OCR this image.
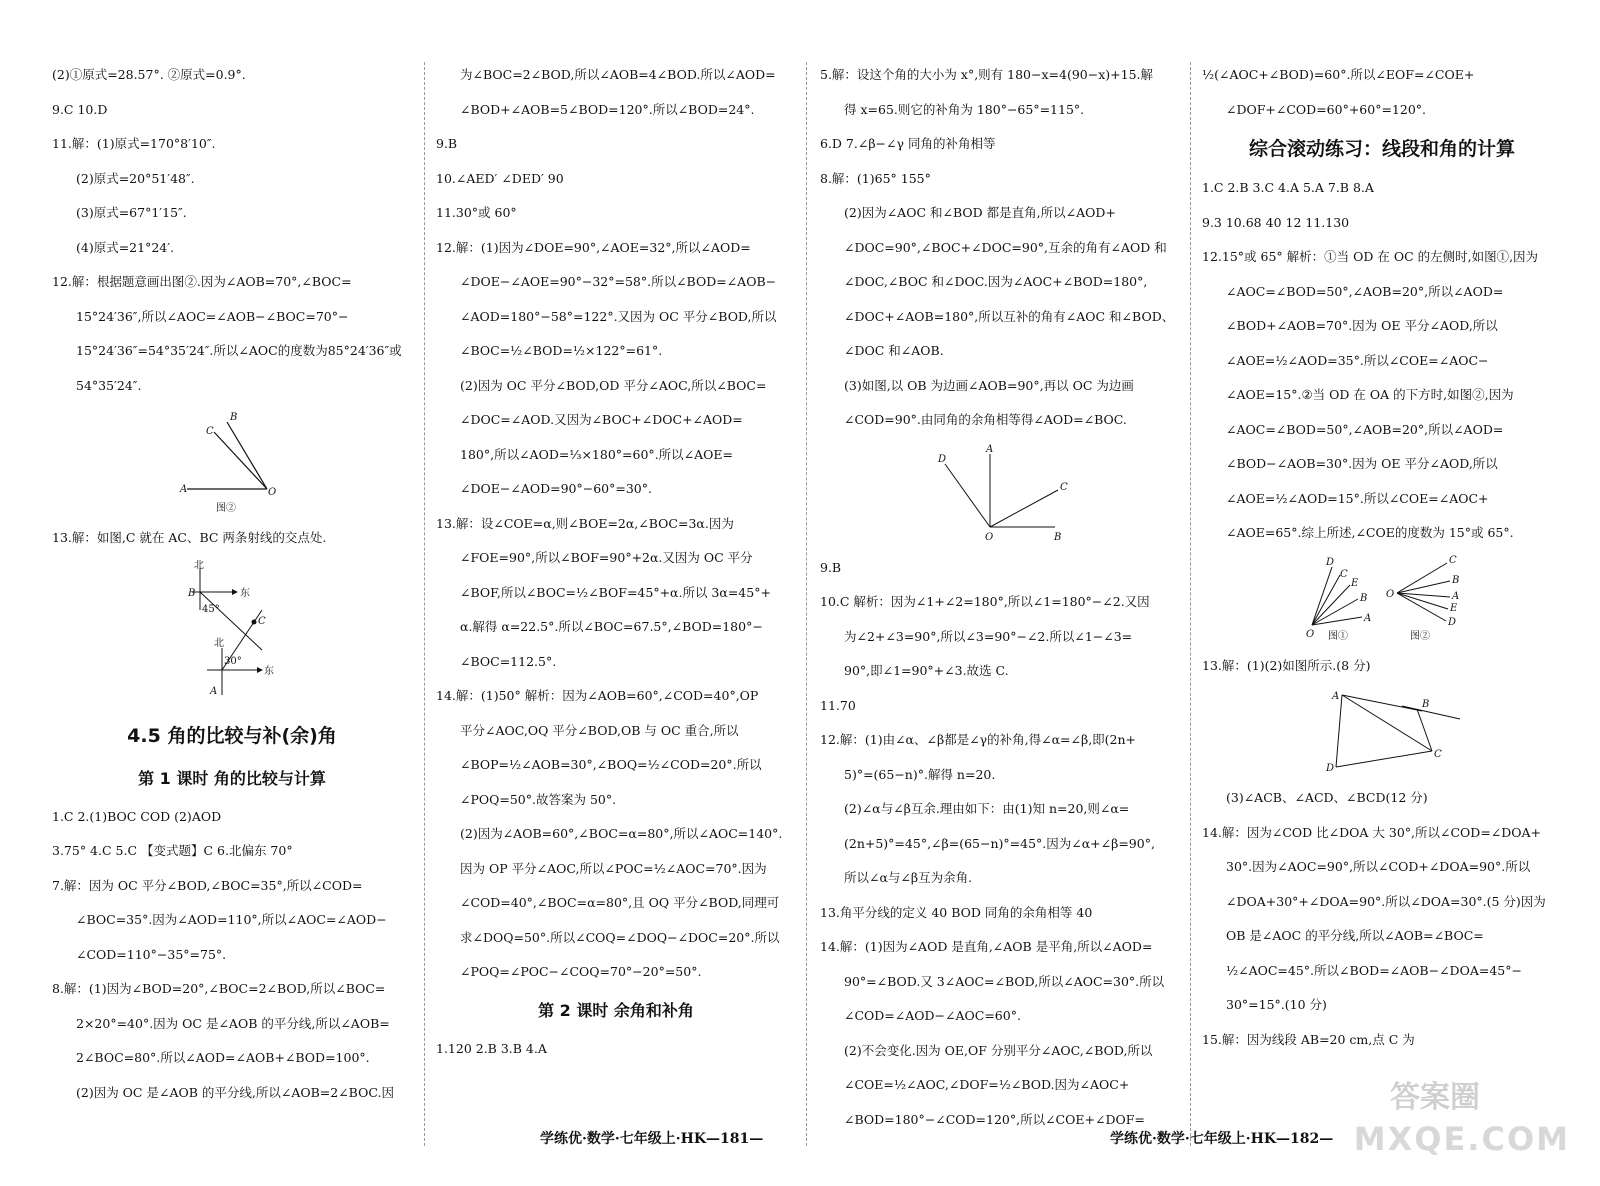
(2)①原式=28.57°. ②原式=0.9°.

9.C 10.D

11.解：(1)原式=170°8′10″.

(2)原式=20°51′48″.

(3)原式=67°1′15″.

(4)原式=21°24′.

12.解：根据题意画出图②.因为∠AOB=70°,∠BOC=

15°24′36″,所以∠AOC=∠AOB−∠BOC=70°−

15°24′36″=54°35′24″.所以∠AOC的度数为85°24′36″或

54°35′24″.

B
C
A	O
图②

13.解：如图,C 就在 AC、BC 两条射线的交点处.

北
B	东
45°
北
C
30°
东
A

4.5 角的比较与补(余)角

第 1 课时 角的比较与计算

1.C 2.(1)BOC COD (2)AOD

3.75° 4.C 5.C 【变式题】C 6.北偏东 70°

7.解：因为 OC 平分∠BOD,∠BOC=35°,所以∠COD=

∠BOC=35°.因为∠AOD=110°,所以∠AOC=∠AOD−

∠COD=110°−35°=75°.

8.解：(1)因为∠BOD=20°,∠BOC=2∠BOD,所以∠BOC=

2×20°=40°.因为 OC 是∠AOB 的平分线,所以∠AOB=

2∠BOC=80°.所以∠AOD=∠AOB+∠BOD=100°.

(2)因为 OC 是∠AOB 的平分线,所以∠AOB=2∠BOC.因

为∠BOC=2∠BOD,所以∠AOB=4∠BOD.所以∠AOD=

∠BOD+∠AOB=5∠BOD=120°.所以∠BOD=24°.

9.B

10.∠AED′ ∠DED′ 90

11.30°或 60°

12.解：(1)因为∠DOE=90°,∠AOE=32°,所以∠AOD=

∠DOE−∠AOE=90°−32°=58°.所以∠BOD=∠AOB−

∠AOD=180°−58°=122°.又因为 OC 平分∠BOD,所以

∠BOC=½∠BOD=½×122°=61°.

(2)因为 OC 平分∠BOD,OD 平分∠AOC,所以∠BOC=

∠DOC=∠AOD.又因为∠BOC+∠DOC+∠AOD=

180°,所以∠AOD=⅓×180°=60°.所以∠AOE=

∠DOE−∠AOD=90°−60°=30°.

13.解：设∠COE=α,则∠BOE=2α,∠BOC=3α.因为

∠FOE=90°,所以∠BOF=90°+2α.又因为 OC 平分

∠BOF,所以∠BOC=½∠BOF=45°+α.所以 3α=45°+

α.解得 α=22.5°.所以∠BOC=67.5°,∠BOD=180°−

∠BOC=112.5°.

14.解：(1)50° 解析：因为∠AOB=60°,∠COD=40°,OP

平分∠AOC,OQ 平分∠BOD,OB 与 OC 重合,所以

∠BOP=½∠AOB=30°,∠BOQ=½∠COD=20°.所以

∠POQ=50°.故答案为 50°.

(2)因为∠AOB=60°,∠BOC=α=80°,所以∠AOC=140°.

因为 OP 平分∠AOC,所以∠POC=½∠AOC=70°.因为

∠COD=40°,∠BOC=α=80°,且 OQ 平分∠BOD,同理可

求∠DOQ=50°.所以∠COQ=∠DOQ−∠DOC=20°.所以

∠POQ=∠POC−∠COQ=70°−20°=50°.

第 2 课时 余角和补角

1.120 2.B 3.B 4.A

5.解：设这个角的大小为 x°,则有 180−x=4(90−x)+15.解

得 x=65.则它的补角为 180°−65°=115°.

6.D 7.∠β−∠γ 同角的补角相等

8.解：(1)65° 155°

(2)因为∠AOC 和∠BOD 都是直角,所以∠AOD+

∠DOC=90°,∠BOC+∠DOC=90°,互余的角有∠AOD 和

∠DOC,∠BOC 和∠DOC.因为∠AOC+∠BOD=180°,

∠DOC+∠AOB=180°,所以互补的角有∠AOC 和∠BOD、

∠DOC 和∠AOB.

(3)如图,以 OB 为边画∠AOB=90°,再以 OC 为边画

∠COD=90°.由同角的余角相等得∠AOD=∠BOC.

D
A
C
O	B

9.B

10.C 解析：因为∠1+∠2=180°,所以∠1=180°−∠2.又因

为∠2+∠3=90°,所以∠3=90°−∠2.所以∠1−∠3=

90°,即∠1=90°+∠3.故选 C.

11.70

12.解：(1)由∠α、∠β都是∠γ的补角,得∠α=∠β,即(2n+

5)°=(65−n)°.解得 n=20.

(2)∠α与∠β互余.理由如下：由(1)知 n=20,则∠α=

(2n+5)°=45°,∠β=(65−n)°=45°.因为∠α+∠β=90°,

所以∠α与∠β互为余角.

13.角平分线的定义 40 BOD 同角的余角相等 40

14.解：(1)因为∠AOD 是直角,∠AOB 是平角,所以∠AOD=

90°=∠BOD.又 3∠AOC=∠BOD,所以∠AOC=30°.所以

∠COD=∠AOD−∠AOC=60°.

(2)不会变化.因为 OE,OF 分别平分∠AOC,∠BOD,所以

∠COE=½∠AOC,∠DOF=½∠BOD.因为∠AOC+

∠BOD=180°−∠COD=120°,所以∠COE+∠DOF=

½(∠AOC+∠BOD)=60°.所以∠EOF=∠COE+

∠DOF+∠COD=60°+60°=120°.

综合滚动练习：线段和角的计算

1.C 2.B 3.C 4.A 5.A 7.B 8.A

9.3 10.68 40 12 11.130

12.15°或 65° 解析：①当 OD 在 OC 的左侧时,如图①,因为

∠AOC=∠BOD=50°,∠AOB=20°,所以∠AOD=

∠BOD+∠AOB=70°.因为 OE 平分∠AOD,所以

∠AOE=½∠AOD=35°.所以∠COE=∠AOC−

∠AOE=15°.②当 OD 在 OA 的下方时,如图②,因为

∠AOC=∠BOD=50°,∠AOB=20°,所以∠AOD=

∠BOD−∠AOB=30°.因为 OE 平分∠AOD,所以

∠AOE=½∠AOD=15°.所以∠COE=∠AOC+

∠AOE=65°.综上所述,∠COE的度数为 15°或 65°.

D
C
E
B
A
O 图①
O
C
B
A
E
D
图②

13.解：(1)(2)如图所示.(8 分)

A
B
D
C

(3)∠ACB、∠ACD、∠BCD(12 分)

14.解：因为∠COD 比∠DOA 大 30°,所以∠COD=∠DOA+

30°.因为∠AOC=90°,所以∠COD+∠DOA=90°.所以

∠DOA+30°+∠DOA=90°.所以∠DOA=30°.(5 分)因为

OB 是∠AOC 的平分线,所以∠AOB=∠BOC=

½∠AOC=45°.所以∠BOD=∠AOB−∠DOA=45°−

30°=15°.(10 分)

15.解：因为线段 AB=20 cm,点 C 为

学练优·数学·七年级上·HK—181—	学练优·数学·七年级上·HK—182—
答案圈
MXQE.COM
